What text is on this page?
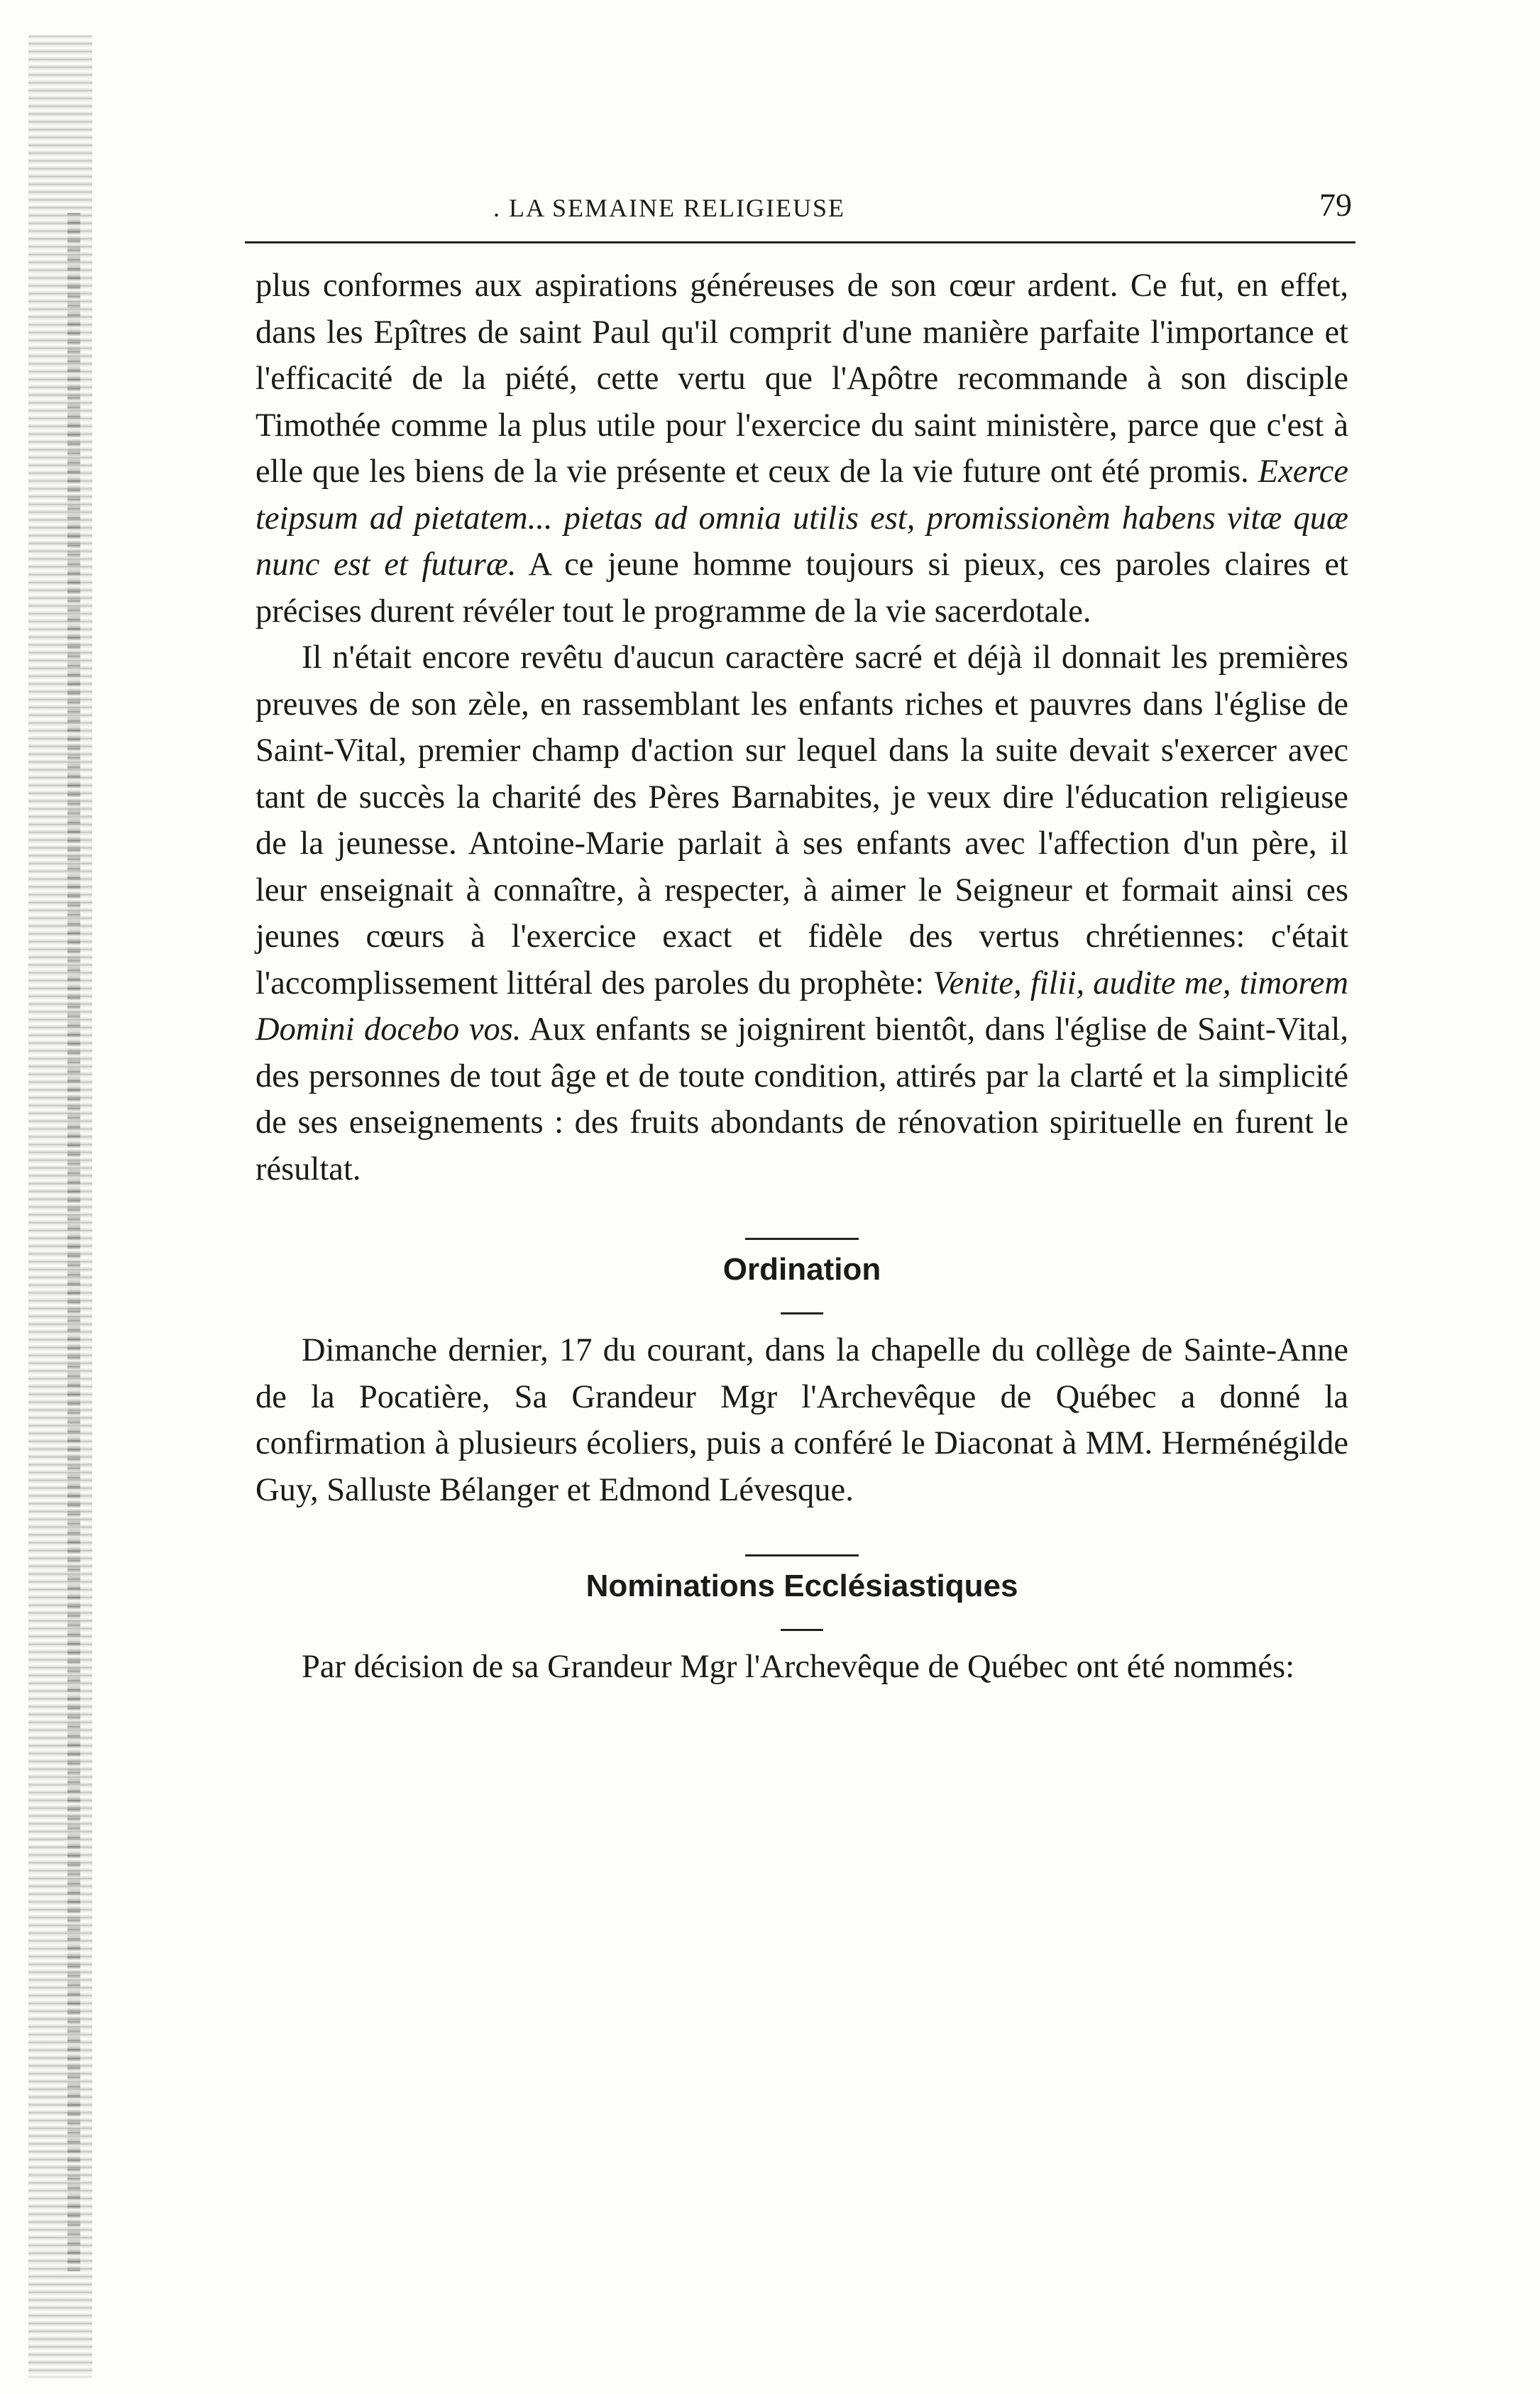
. LA SEMAINE RELIGIEUSE	79

plus conformes aux aspirations généreuses de son cœur ardent. Ce fut, en effet, dans les Epîtres de saint Paul qu'il comprit d'une manière parfaite l'importance et l'efficacité de la piété, cette vertu que l'Apôtre recommande à son disciple Timothée comme la plus utile pour l'exercice du saint ministère, parce que c'est à elle que les biens de la vie présente et ceux de la vie future ont été promis. Exerce teipsum ad pietatem... pietas ad omnia utilis est, promissionèm habens vitæ quæ nunc est et futuræ. A ce jeune homme toujours si pieux, ces paroles claires et précises durent révéler tout le programme de la vie sacerdotale.

Il n'était encore revêtu d'aucun caractère sacré et déjà il donnait les premières preuves de son zèle, en rassemblant les enfants riches et pauvres dans l'église de Saint-Vital, premier champ d'action sur lequel dans la suite devait s'exercer avec tant de succès la charité des Pères Barnabites, je veux dire l'éducation religieuse de la jeunesse. Antoine-Marie parlait à ses enfants avec l'affection d'un père, il leur enseignait à connaître, à respecter, à aimer le Seigneur et formait ainsi ces jeunes cœurs à l'exercice exact et fidèle des vertus chrétiennes: c'était l'accomplissement littéral des paroles du prophète: Venite, filii, audite me, timorem Domini docebo vos. Aux enfants se joignirent bientôt, dans l'église de Saint-Vital, des personnes de tout âge et de toute condition, attirés par la clarté et la simplicité de ses enseignements : des fruits abondants de rénovation spirituelle en furent le résultat.

Ordination

Dimanche dernier, 17 du courant, dans la chapelle du collège de Sainte-Anne de la Pocatière, Sa Grandeur Mgr l'Archevêque de Québec a donné la confirmation à plusieurs écoliers, puis a conféré le Diaconat à MM. Herménégilde Guy, Salluste Bélanger et Edmond Lévesque.

Nominations Ecclésiastiques

Par décision de sa Grandeur Mgr l'Archevêque de Québec ont été nommés:
